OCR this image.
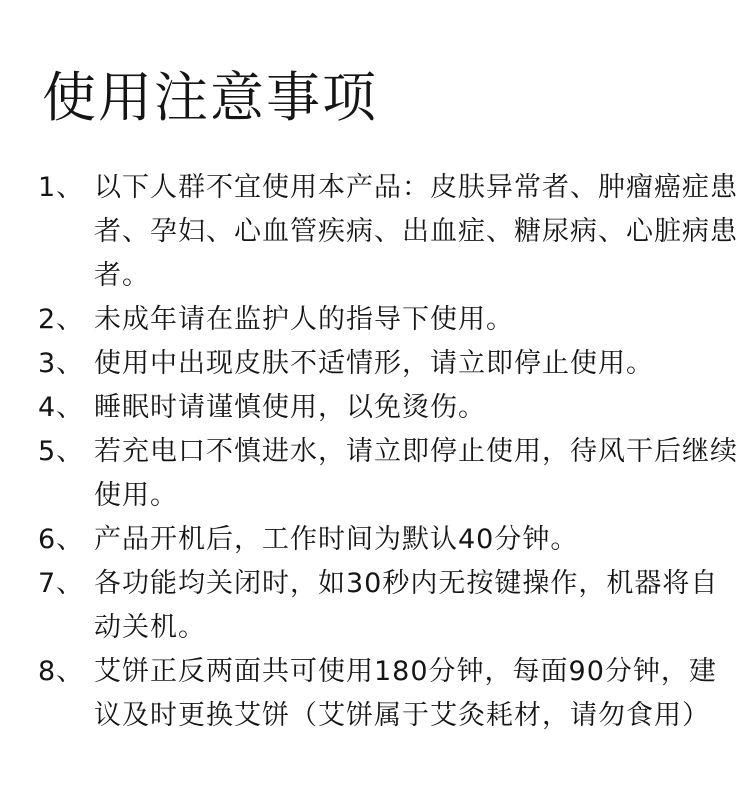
使用注意事项
1、 以下人群不宜使用本产品：皮肤异常者、肿瘤癌症患者、孕妇、心血管疾病、出血症、糖尿病、心脏病患者。
2、 未成年请在监护人的指导下使用。
3、 使用中出现皮肤不适情形，请立即停止使用。
4、 睡眠时请谨慎使用，以免烫伤。
5、 若充电口不慎进水，请立即停止使用，待风干后继续使用。
6、 产品开机后，工作时间为默认40分钟。
7、 各功能均关闭时，如30秒内无按键操作，机器将自动关机。
8、 艾饼正反两面共可使用180分钟，每面90分钟，建议及时更换艾饼（艾饼属于艾灸耗材，请勿食用）
